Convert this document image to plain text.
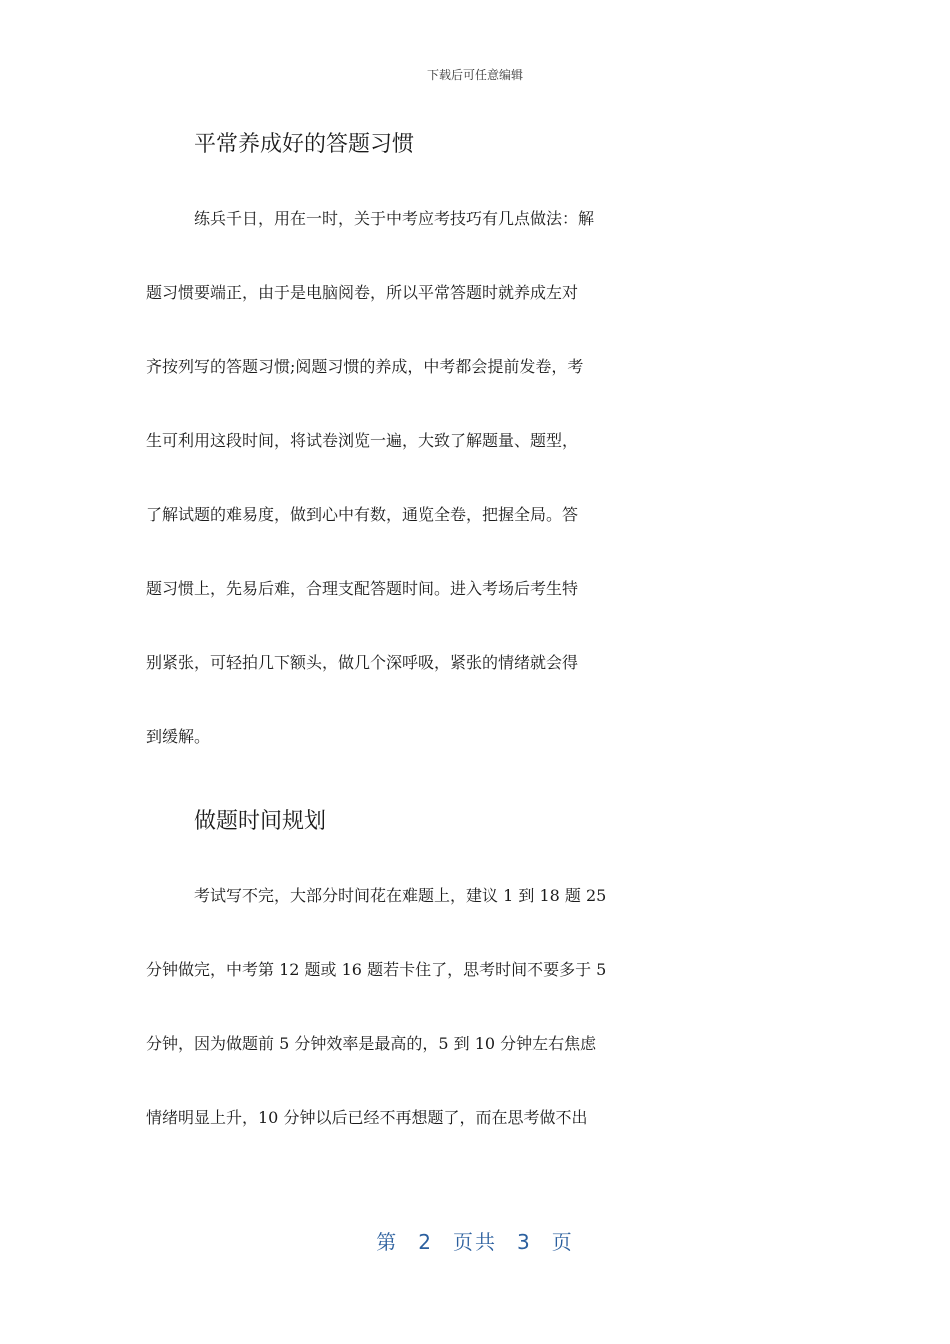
下载后可任意编辑
平常养成好的答题习惯
练兵千日，用在一时，关于中考应考技巧有几点做法：解
题习惯要端正，由于是电脑阅卷，所以平常答题时就养成左对
齐按列写的答题习惯;阅题习惯的养成，中考都会提前发卷，考
生可利用这段时间，将试卷浏览一遍，大致了解题量、题型，
了解试题的难易度，做到心中有数，通览全卷，把握全局。答
题习惯上，先易后难，合理支配答题时间。进入考场后考生特
别紧张，可轻拍几下额头，做几个深呼吸，紧张的情绪就会得
到缓解。
做题时间规划
考试写不完，大部分时间花在难题上，建议 1 到 18 题 25
分钟做完，中考第 12 题或 16 题若卡住了，思考时间不要多于 5
分钟，因为做题前 5 分钟效率是最高的，5 到 10 分钟左右焦虑
情绪明显上升，10 分钟以后已经不再想题了，而在思考做不出
第 2 页共 3 页
